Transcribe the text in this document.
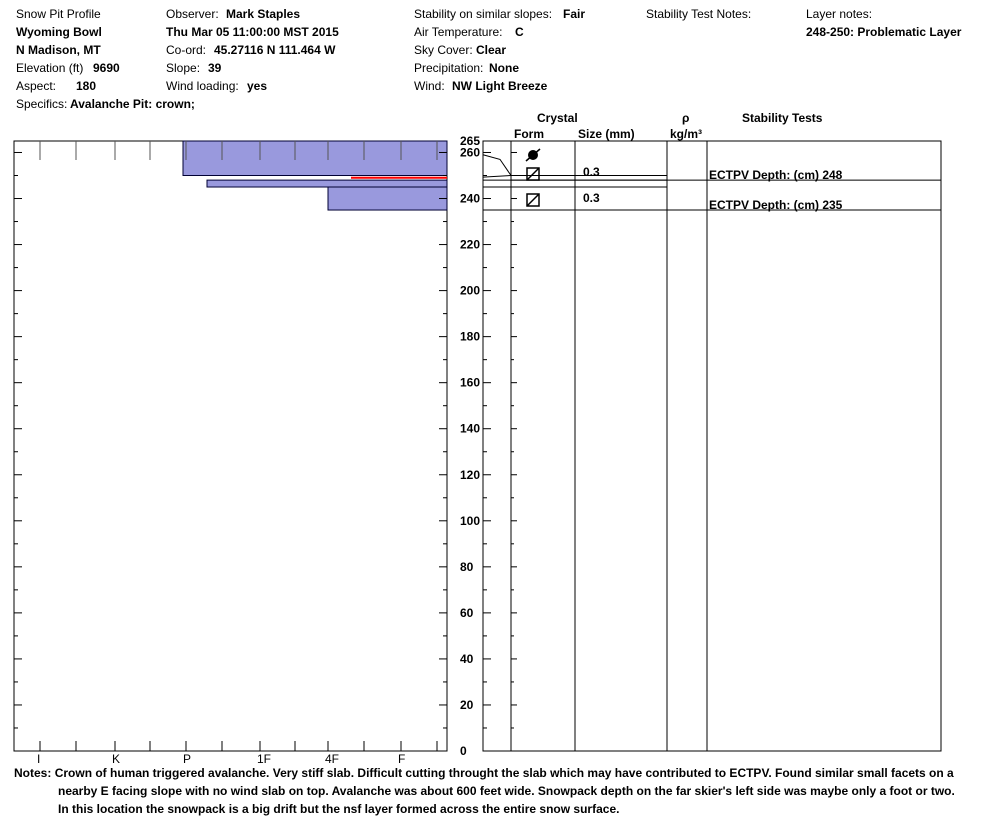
Snow Pit Profile
Wyoming Bowl
N Madison, MT
Elevation (ft) 9690
Aspect: 180
Specifics: Avalanche Pit: crown;
Observer: Mark Staples
Thu Mar 05 11:00:00 MST 2015
Co-ord: 45.27116 N 111.464 W
Slope: 39
Wind loading: yes
Stability on similar slopes: Fair
Air Temperature: C
Sky Cover: Clear
Precipitation: None
Wind: NW Light Breeze
Stability Test Notes:	Layer notes:
248-250: Problematic Layer
Crystal
Form	Size (mm)
ρ
kg/m³
Stability Tests
I	K	P	1F	4F	F
0
20
40
60
80
100
120
140
160
180
200
220
240
260
265
0.3
0.3
ECTPV Depth: (cm) 248
ECTPV Depth: (cm) 235
Notes: Crown of human triggered avalanche. Very stiff slab. Difficult cutting throught the slab which may have contributed to ECTPV. Found similar small facets on a
nearby E facing slope with no wind slab on top. Avalanche was about 600 feet wide. Snowpack depth on the far skier's left side was maybe only a foot or two.
In this location the snowpack is a big drift but the nsf layer formed across the entire snow surface.
